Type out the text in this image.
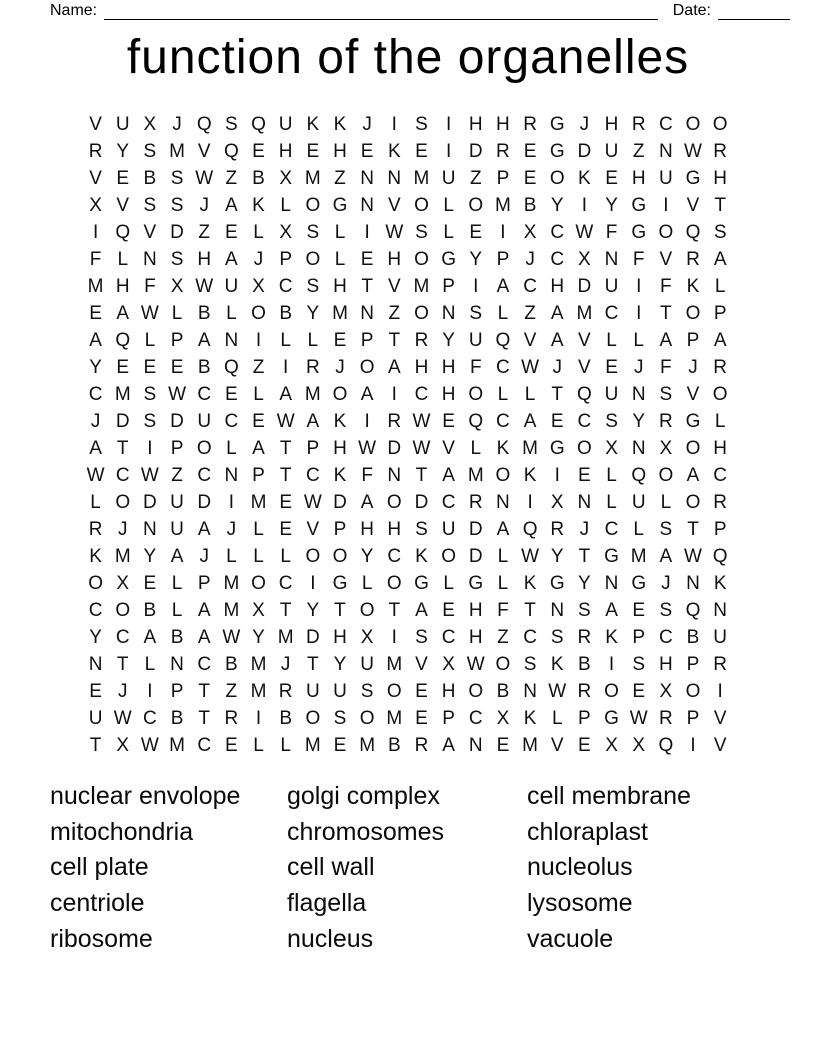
Name:	Date:
function of the organelles
V U X J Q S Q U K K J	I S I H H R G J H R C O O
R Y S M V Q E H E H E K E I D R E G D U Z N W R
V E B S W Z B X M Z N N M U Z P E O K E H U G H
X V S S J A K L O G N V O L O M B Y I Y G I V T
I Q V D Z E L X S L	I W S L E I X C W F G O Q S
F L N S H A J P O L E H O G Y P J C X N F V R A
M H F X W U X C S H T V M P I A C H D U I F K L
E A W L B L O B Y M N Z O N S L Z A M C I T O P
A Q L P A N I	L L E P T R Y U Q V A V L L A P A
Y E E E B Q Z I R J O A H H F C W J V E J F J R
C M S W C E L A M O A I C H O L L T Q U N S V O
J D S D U C E W A K I R W E Q C A E C S Y R G L
A T I P O L A T P H W D W V L K M G O X N X O H
W C W Z C N P T C K F N T A M O K I E L Q O A C
L O D U D I M E W D A O D C R N I X N L U L O R
R J N U A J L E V P H H S U D A Q R J C L S T P
K M Y A J L L L O O Y C K O D L W Y T G M A W Q
O X E L P M O C I G L O G L G L K G Y N G J N K
C O B L A M X T Y T O T A E H F T N S A E S Q N
Y C A B A W Y M D H X I S C H Z C S R K P C B U
N T L N C B M J T Y U M V X W O S K B I S H P R
E J	I P T Z M R U U S O E H O B N W R O E X O I
U W C B T R I B O S O M E P C X K L P G W R P V
T X W M C E L L M E M B R A N E M V E X X Q I V
nuclear envolope
mitochondria
cell plate
centriole
ribosome
golgi complex
chromosomes
cell wall
flagella
nucleus
cell membrane
chloraplast
nucleolus
lysosome
vacuole
